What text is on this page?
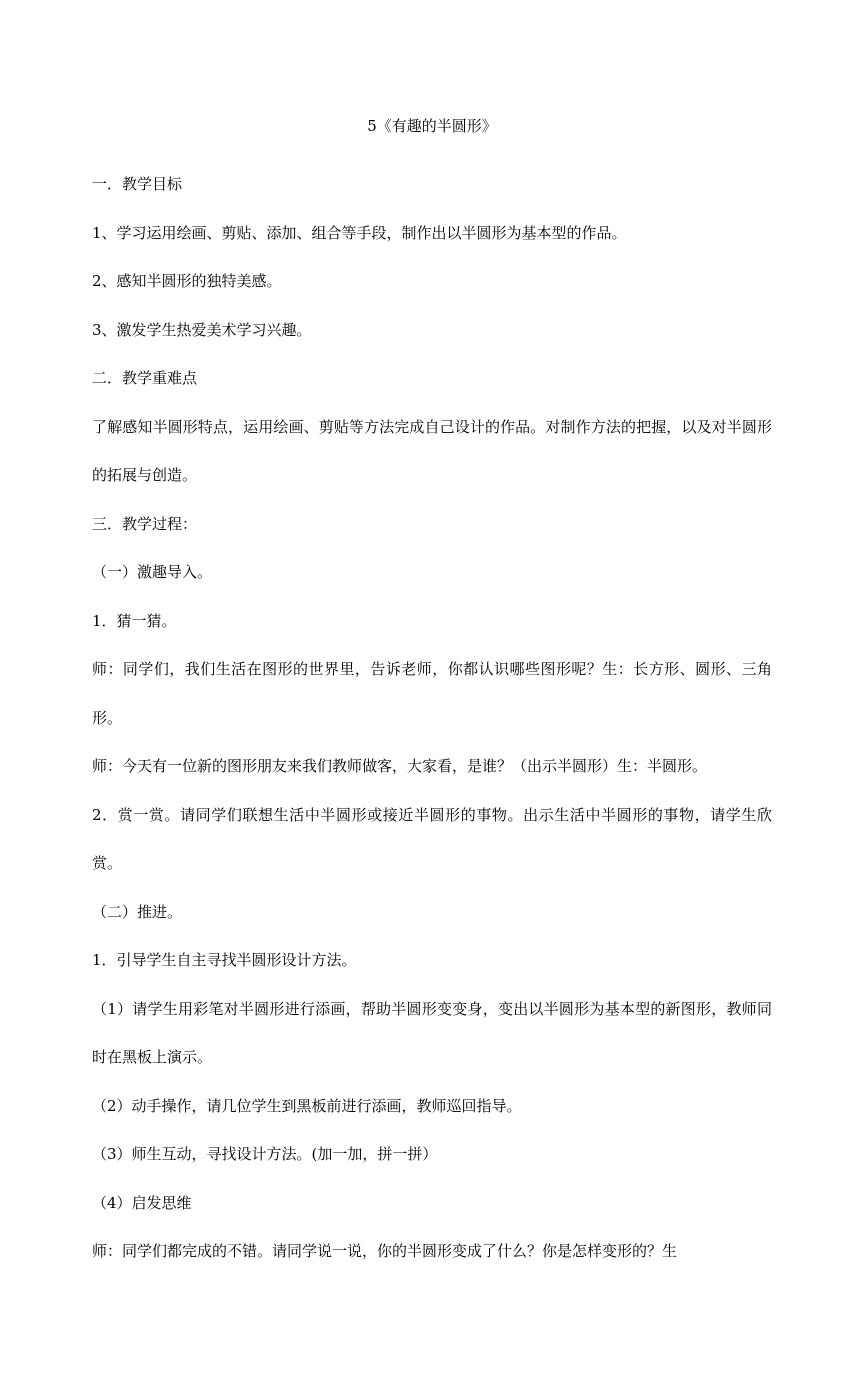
5《有趣的半圆形》

一．教学目标

1、学习运用绘画、剪贴、添加、组合等手段，制作出以半圆形为基本型的作品。

2、感知半圆形的独特美感。

3、激发学生热爱美术学习兴趣。

二．教学重难点

了解感知半圆形特点，运用绘画、剪贴等方法完成自己设计的作品。对制作方法的把握，以及对半圆形的拓展与创造。

三．教学过程：

（一）激趣导入。

1．猜一猜。

师：同学们，我们生活在图形的世界里，告诉老师，你都认识哪些图形呢？生：长方形、圆形、三角形。

师：今天有一位新的图形朋友来我们教师做客，大家看，是谁？（出示半圆形）生：半圆形。

2．赏一赏。请同学们联想生活中半圆形或接近半圆形的事物。出示生活中半圆形的事物，请学生欣赏。

（二）推进。

1．引导学生自主寻找半圆形设计方法。

（1）请学生用彩笔对半圆形进行添画，帮助半圆形变变身，变出以半圆形为基本型的新图形，教师同时在黑板上演示。

（2）动手操作，请几位学生到黑板前进行添画，教师巡回指导。

（3）师生互动，寻找设计方法。(加一加，拼一拼）

（4）启发思维

师：同学们都完成的不错。请同学说一说，你的半圆形变成了什么？你是怎样变形的？生
